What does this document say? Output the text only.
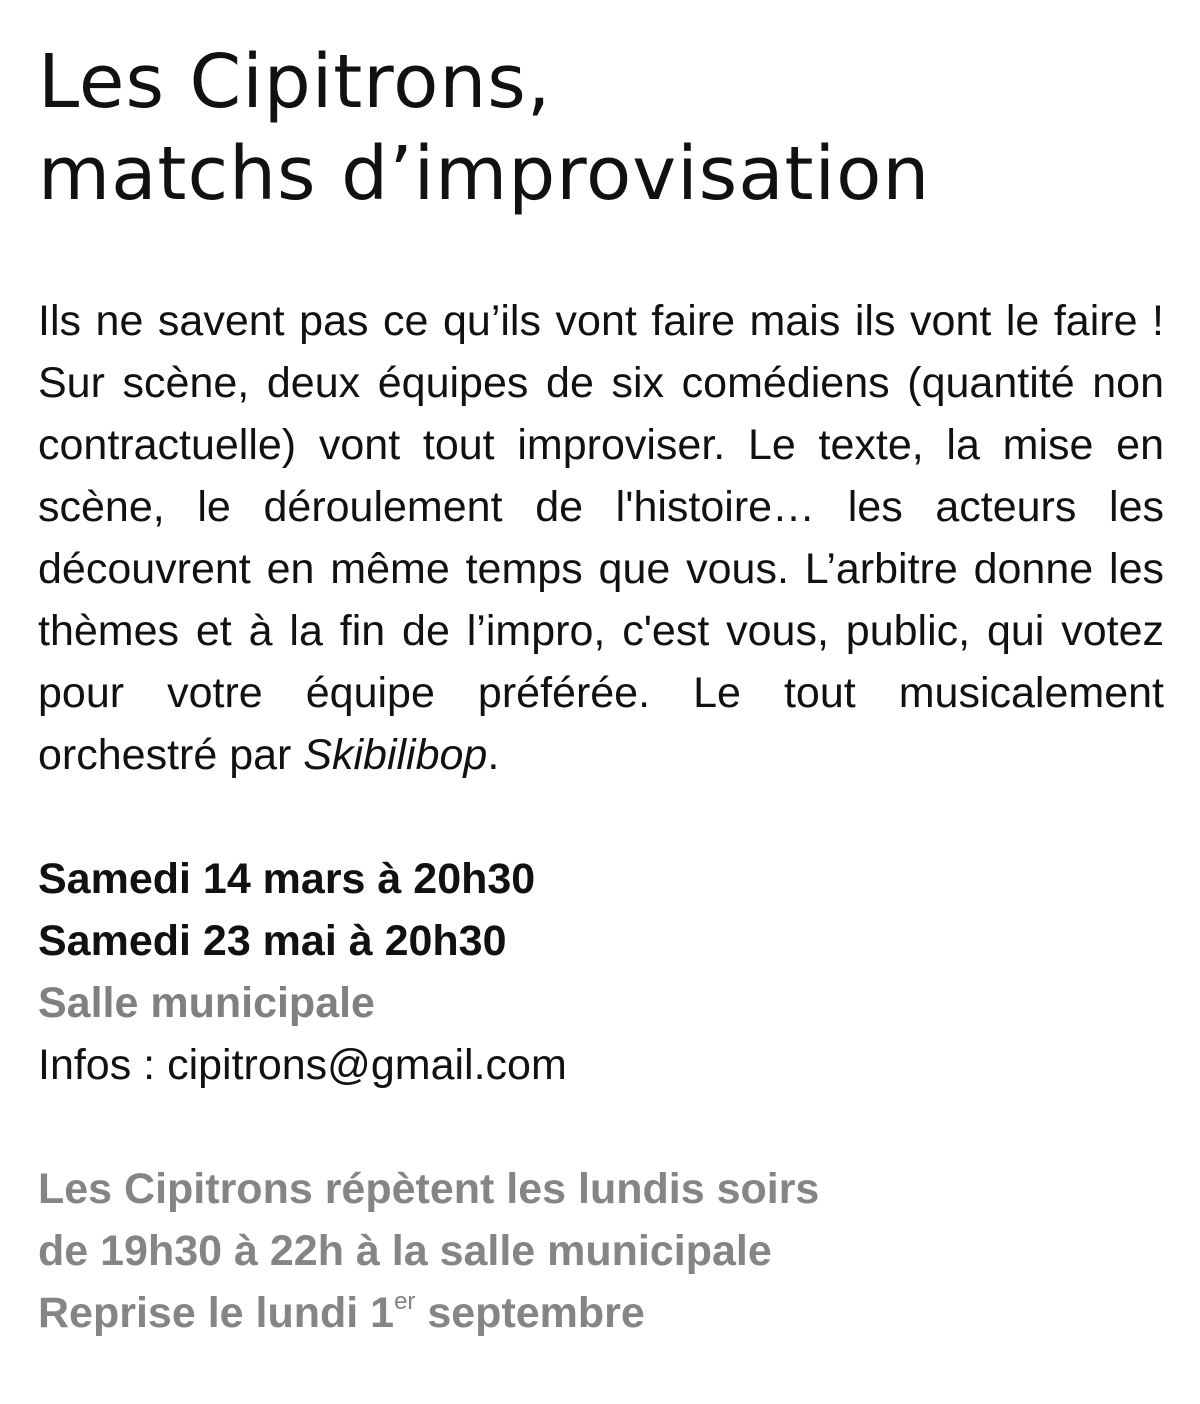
Les Cipitrons,
matchs d’improvisation

Ils ne savent pas ce qu’ils vont faire mais ils vont le faire ! Sur scène, deux équipes de six comédiens (quantité non contractuelle) vont tout improviser. Le texte, la mise en scène, le déroulement de l'histoire… les acteurs les découvrent en même temps que vous. L’arbitre donne les thèmes et à la fin de l’impro, c'est vous, public, qui votez pour votre équipe préférée. Le tout musicalement orchestré par Skibilibop.

Samedi 14 mars à 20h30
Samedi 23 mai à 20h30
Salle municipale
Infos : cipitrons@gmail.com
Les Cipitrons répètent les lundis soirs
de 19h30 à 22h à la salle municipale
Reprise le lundi 1er septembre
